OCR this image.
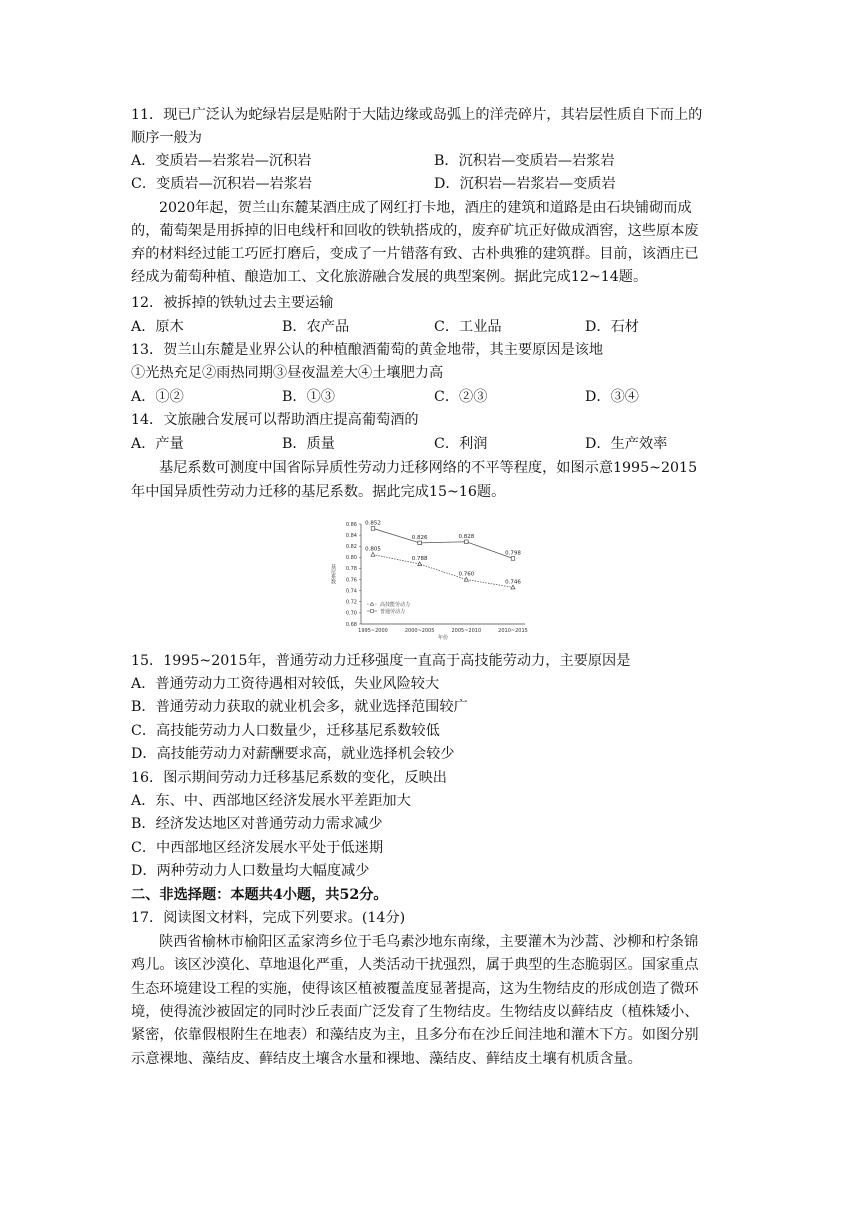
11．现已广泛认为蛇绿岩层是贴附于大陆边缘或岛弧上的洋壳碎片，其岩层性质自下而上的
顺序一般为
A．变质岩—岩浆岩—沉积岩	B．沉积岩—变质岩—岩浆岩
C．变质岩—沉积岩—岩浆岩	D．沉积岩—岩浆岩—变质岩
2020年起，贺兰山东麓某酒庄成了网红打卡地，酒庄的建筑和道路是由石块铺砌而成
的，葡萄架是用拆掉的旧电线杆和回收的铁轨搭成的，废弃矿坑正好做成酒窖，这些原本废
弃的材料经过能工巧匠打磨后，变成了一片错落有致、古朴典雅的建筑群。目前，该酒庄已
经成为葡萄种植、酿造加工、文化旅游融合发展的典型案例。据此完成12~14题。
12．被拆掉的铁轨过去主要运输
A．原木	B．农产品	C．工业品	D．石材
13．贺兰山东麓是业界公认的种植酿酒葡萄的黄金地带，其主要原因是该地
①光热充足②雨热同期③昼夜温差大④土壤肥力高
A．①②	B．①③	C．②③	D．③④
14．文旅融合发展可以帮助酒庄提高葡萄酒的
A．产量	B．质量	C．利润	D．生产效率
基尼系数可测度中国省际异质性劳动力迁移网络的不平等程度，如图示意1995~2015
年中国异质性劳动力迁移的基尼系数。据此完成15~16题。
0.86
0.84
0.82
0.80
0.78
0.76
0.74
0.72
0.70
0.68
1995~2000	2000~2005	2005~2010	2010~2015
0.852
0.826	0.828
0.798
0.805
0.788
0.760
0.746
高技能劳动力
普通劳动力
基尼系数
年份
15．1995~2015年，普通劳动力迁移强度一直高于高技能劳动力，主要原因是
A．普通劳动力工资待遇相对较低，失业风险较大
B．普通劳动力获取的就业机会多，就业选择范围较广
C．高技能劳动力人口数量少，迁移基尼系数较低
D．高技能劳动力对薪酬要求高，就业选择机会较少
16．图示期间劳动力迁移基尼系数的变化，反映出
A．东、中、西部地区经济发展水平差距加大
B．经济发达地区对普通劳动力需求减少
C．中西部地区经济发展水平处于低迷期
D．两种劳动力人口数量均大幅度减少
二、非选择题：本题共4小题，共52分。
17．阅读图文材料，完成下列要求。(14分)
陕西省榆林市榆阳区孟家湾乡位于毛乌素沙地东南缘，主要灌木为沙蒿、沙柳和柠条锦
鸡儿。该区沙漠化、草地退化严重，人类活动干扰强烈，属于典型的生态脆弱区。国家重点
生态环境建设工程的实施，使得该区植被覆盖度显著提高，这为生物结皮的形成创造了微环
境，使得流沙被固定的同时沙丘表面广泛发育了生物结皮。生物结皮以藓结皮（植株矮小、
紧密，依靠假根附生在地表）和藻结皮为主，且多分布在沙丘间洼地和灌木下方。如图分别
示意裸地、藻结皮、藓结皮土壤含水量和裸地、藻结皮、藓结皮土壤有机质含量。
